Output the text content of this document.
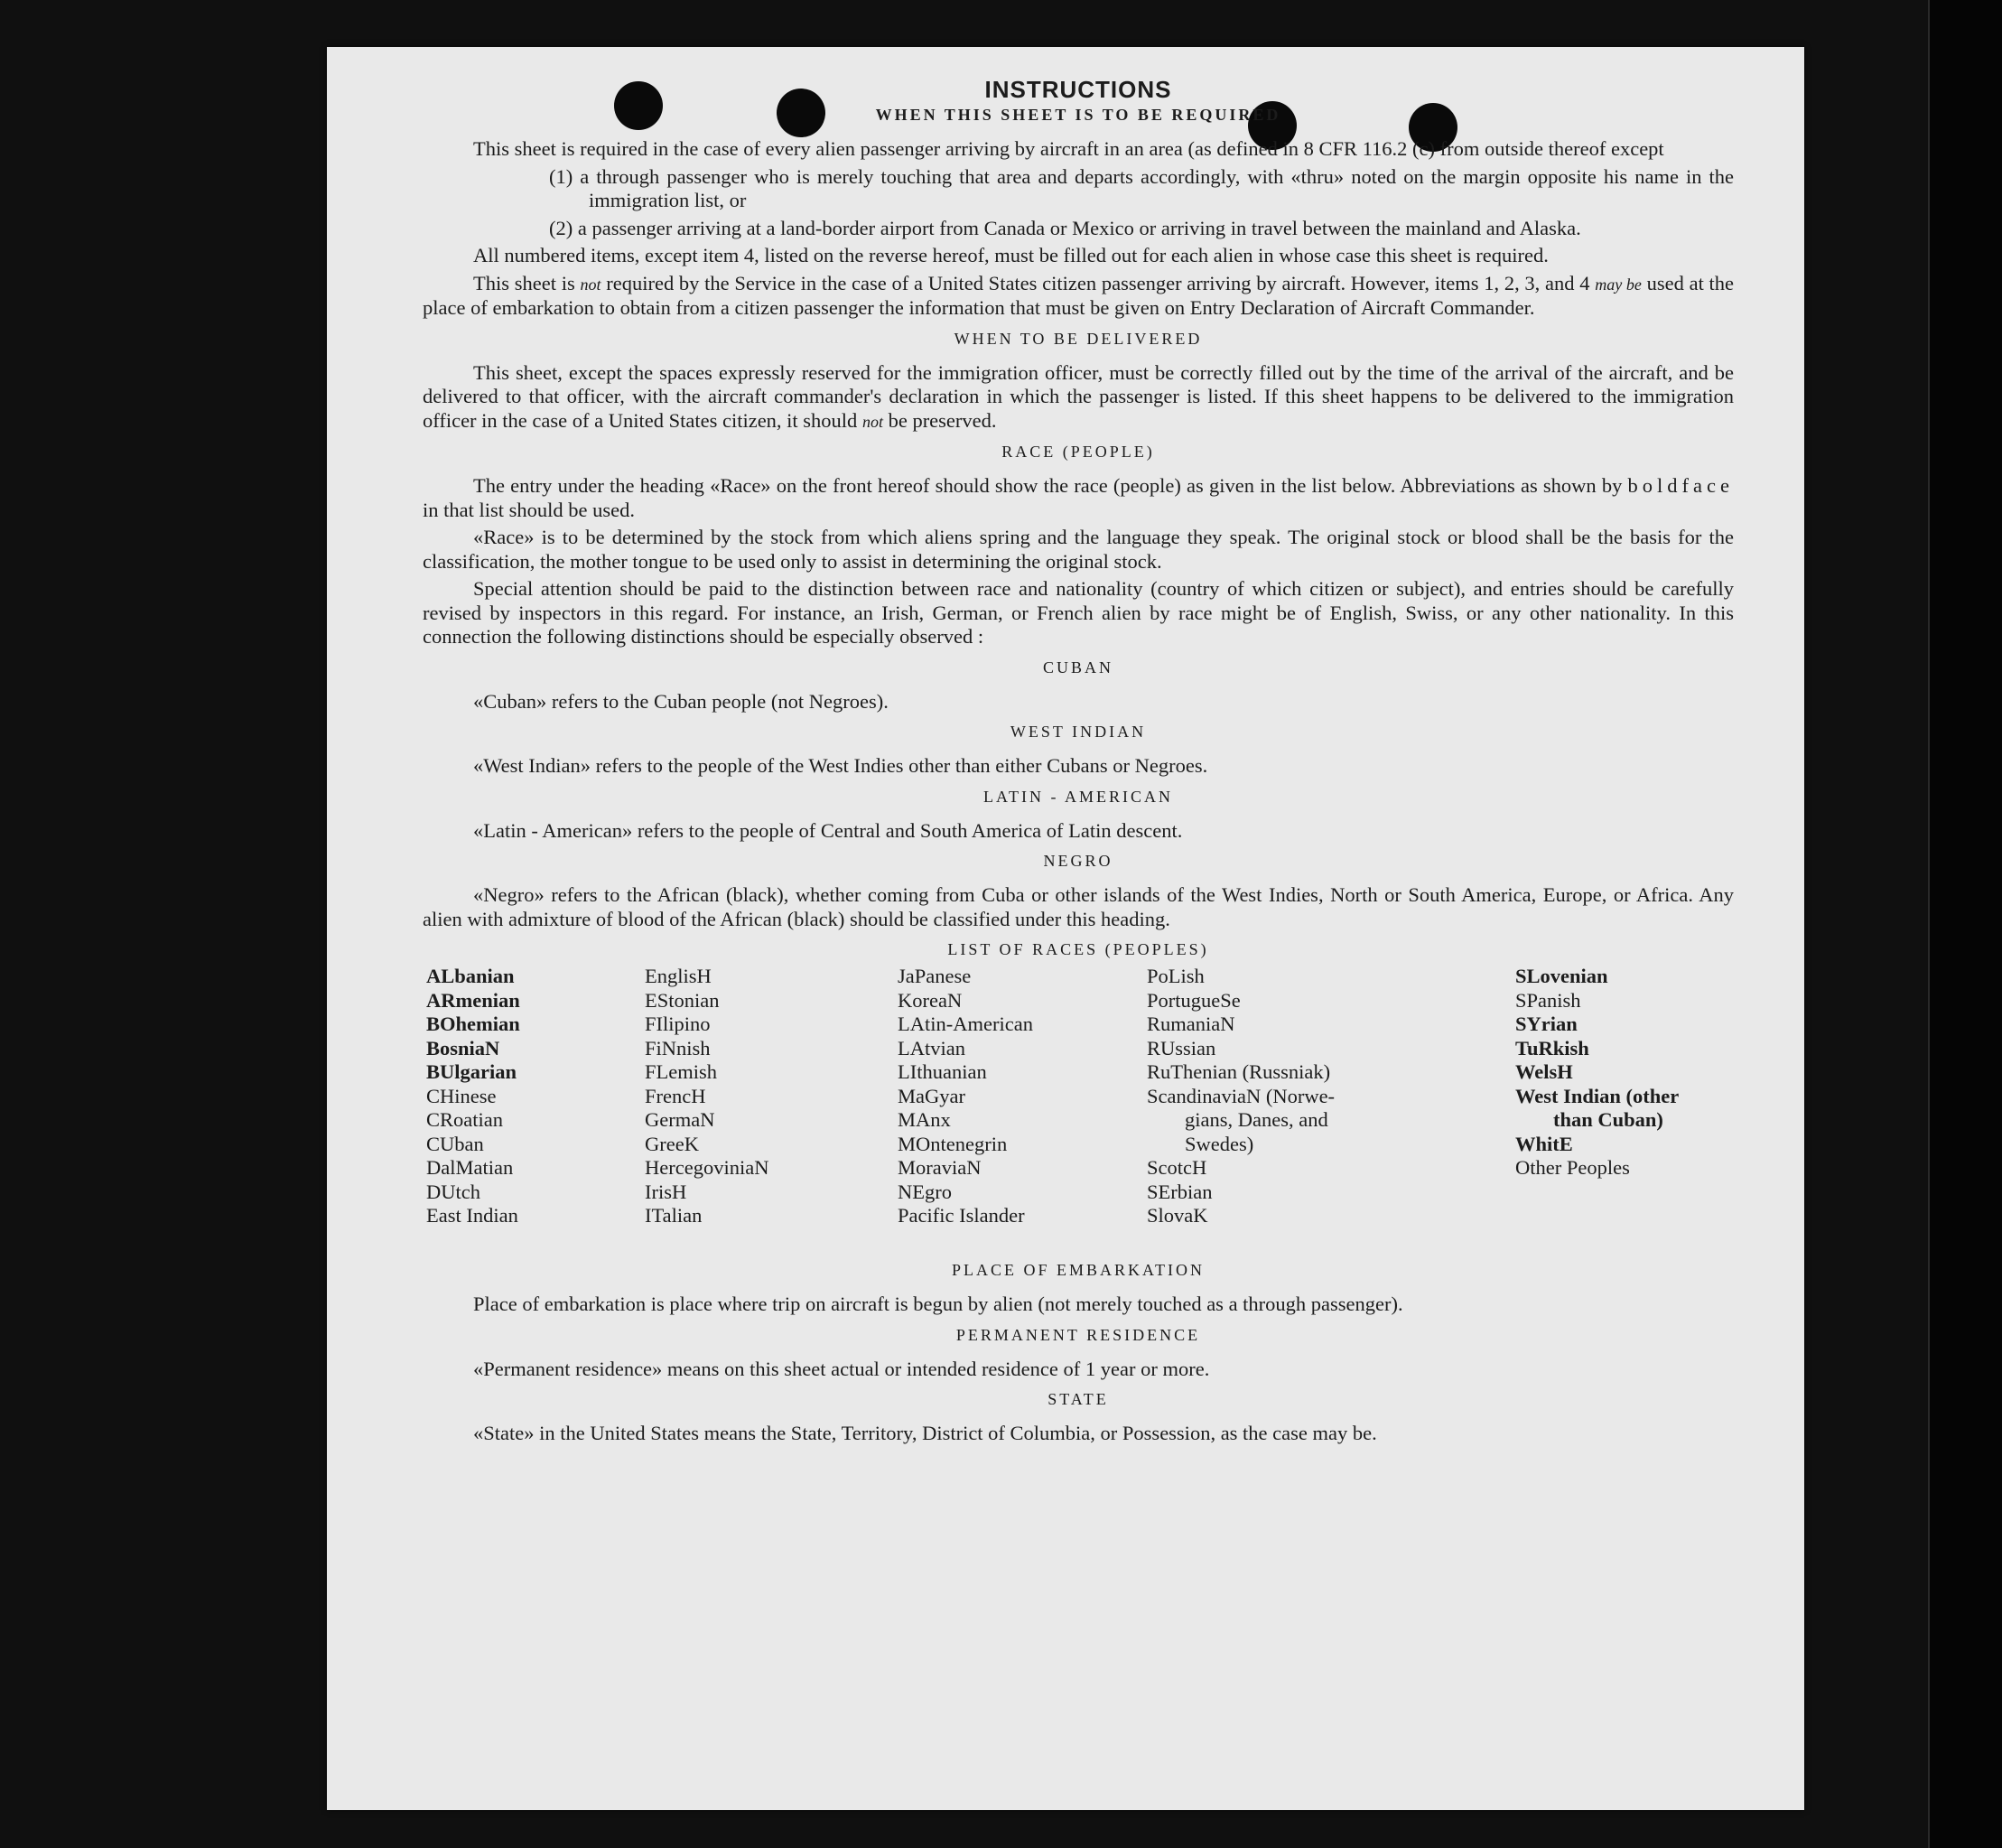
INSTRUCTIONS
WHEN THIS SHEET IS TO BE REQUIRED

This sheet is required in the case of every alien passenger arriving by aircraft in an area (as defined in 8 CFR 116.2 (c) from outside thereof except

(1) a through passenger who is merely touching that area and departs accordingly, with «thru» noted on the margin opposite his name in the immigration list, or

(2) a passenger arriving at a land-border airport from Canada or Mexico or arriving in travel between the mainland and Alaska.

All numbered items, except item 4, listed on the reverse hereof, must be filled out for each alien in whose case this sheet is required.

This sheet is not required by the Service in the case of a United States citizen passenger arriving by aircraft. However, items 1, 2, 3, and 4 may be used at the place of embarkation to obtain from a citizen passenger the information that must be given on Entry Declaration of Aircraft Commander.

WHEN TO BE DELIVERED

This sheet, except the spaces expressly reserved for the immigration officer, must be correctly filled out by the time of the arrival of the aircraft, and be delivered to that officer, with the aircraft commander's declaration in which the passenger is listed. If this sheet happens to be delivered to the immigration officer in the case of a United States citizen, it should not be preserved.

RACE (PEOPLE)

The entry under the heading «Race» on the front hereof should show the race (people) as given in the list below. Abbreviations as shown by boldface in that list should be used.

«Race» is to be determined by the stock from which aliens spring and the language they speak. The original stock or blood shall be the basis for the classification, the mother tongue to be used only to assist in determining the original stock.

Special attention should be paid to the distinction between race and nationality (country of which citizen or subject), and entries should be carefully revised by inspectors in this regard. For instance, an Irish, German, or French alien by race might be of English, Swiss, or any other nationality. In this connection the following distinctions should be especially observed :

CUBAN

«Cuban» refers to the Cuban people (not Negroes).

WEST INDIAN

«West Indian» refers to the people of the West Indies other than either Cubans or Negroes.

LATIN - AMERICAN

«Latin - American» refers to the people of Central and South America of Latin descent.

NEGRO

«Negro» refers to the African (black), whether coming from Cuba or other islands of the West Indies, North or South America, Europe, or Africa. Any alien with admixture of blood of the African (black) should be classified under this heading.

LIST OF RACES (PEOPLES)
ALbanian
ARmenian
BOhemian
BosniaN
BUlgarian
CHinese
CRoatian
CUban
DalMatian
DUtch
East Indian
EnglisH
EStonian
FIlipino
FiNnish
FLemish
FrencH
GermaN
GreeK
HercegoviniaN
IrisH
ITalian
JaPanese
KoreaN
LAtin-American
LAtvian
LIthuanian
MaGyar
MAnx
MOntenegrin
MoraviaN
NEgro
Pacific Islander
PoLish
PortugueSe
RumaniaN
RUssian
RuThenian (Russniak)
ScandinaviaN (Norwe-
gians, Danes, and
Swedes)
ScotcH
SErbian
SlovaK
SLovenian
SPanish
SYrian
TuRkish
WelsH
West Indian (other
than Cuban)
WhitE
Other Peoples
PLACE OF EMBARKATION

Place of embarkation is place where trip on aircraft is begun by alien (not merely touched as a through passenger).

PERMANENT RESIDENCE

«Permanent residence» means on this sheet actual or intended residence of 1 year or more.

STATE

«State» in the United States means the State, Territory, District of Columbia, or Possession, as the case may be.
